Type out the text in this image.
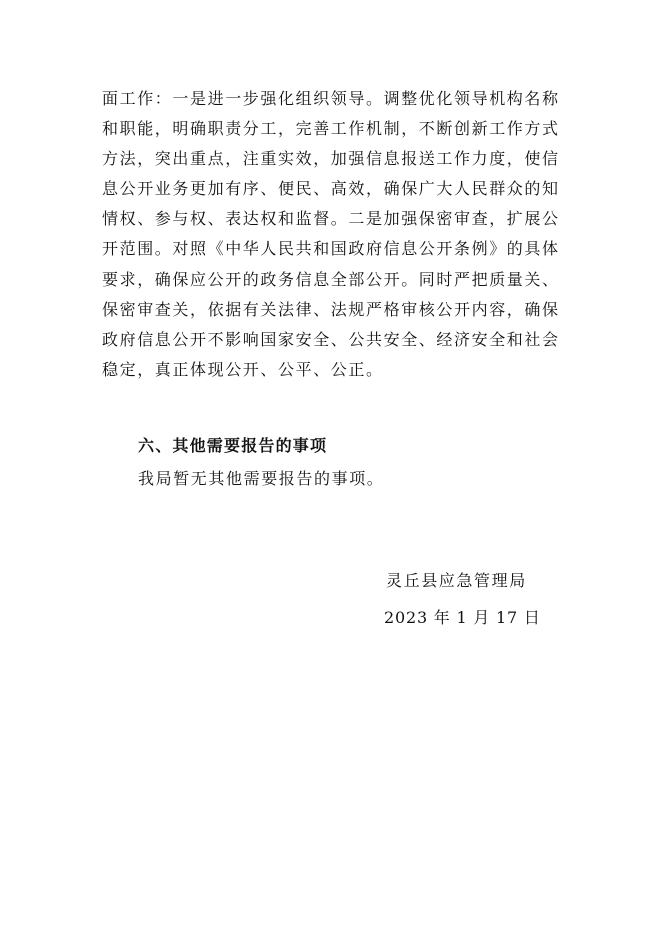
面工作：一是进一步强化组织领导。调整优化领导机构名称
和职能，明确职责分工，完善工作机制，不断创新工作方式
方法，突出重点，注重实效，加强信息报送工作力度，使信
息公开业务更加有序、便民、高效，确保广大人民群众的知
情权、参与权、表达权和监督。二是加强保密审查，扩展公
开范围。对照《中华人民共和国政府信息公开条例》的具体
要求，确保应公开的政务信息全部公开。同时严把质量关、
保密审查关，依据有关法律、法规严格审核公开内容，确保
政府信息公开不影响国家安全、公共安全、经济安全和社会
稳定，真正体现公开、公平、公正。
六、其他需要报告的事项
我局暂无其他需要报告的事项。
灵丘县应急管理局
2023 年 1 月 17 日
